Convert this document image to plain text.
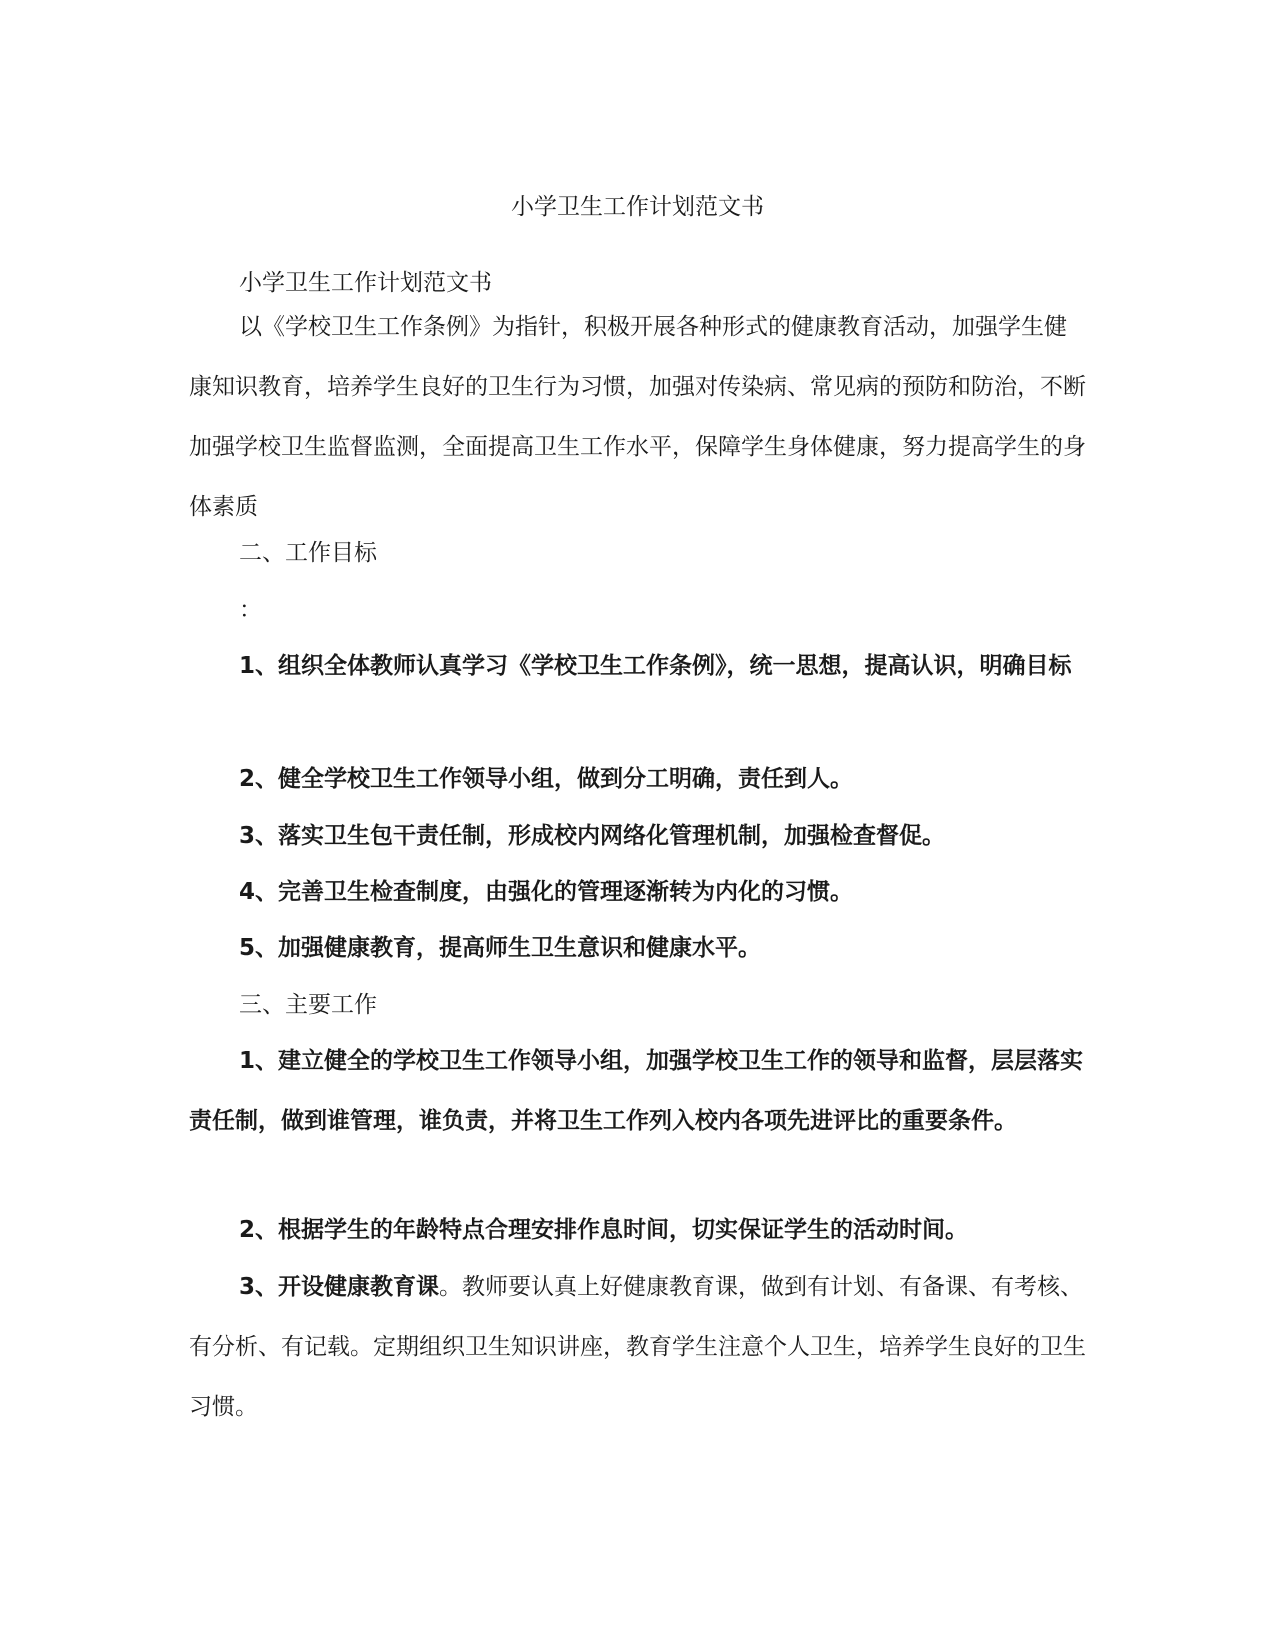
小学卫生工作计划范文书

小学卫生工作计划范文书

以《学校卫生工作条例》为指针，积极开展各种形式的健康教育活动，加强学生健康知识教育，培养学生良好的卫生行为习惯，加强对传染病、常见病的预防和防治，不断加强学校卫生监督监测，全面提高卫生工作水平，保障学生身体健康，努力提高学生的身体素质

二、工作目标

：

1、组织全体教师认真学习《学校卫生工作条例》，统一思想，提高认识，明确目标

2、健全学校卫生工作领导小组，做到分工明确，责任到人。

3、落实卫生包干责任制，形成校内网络化管理机制，加强检查督促。

4、完善卫生检查制度，由强化的管理逐渐转为内化的习惯。

5、加强健康教育，提高师生卫生意识和健康水平。

三、主要工作

1、建立健全的学校卫生工作领导小组，加强学校卫生工作的领导和监督，层层落实责任制，做到谁管理，谁负责，并将卫生工作列入校内各项先进评比的重要条件。

2、根据学生的年龄特点合理安排作息时间，切实保证学生的活动时间。

3、开设健康教育课。教师要认真上好健康教育课，做到有计划、有备课、有考核、有分析、有记载。定期组织卫生知识讲座，教育学生注意个人卫生，培养学生良好的卫生习惯。
